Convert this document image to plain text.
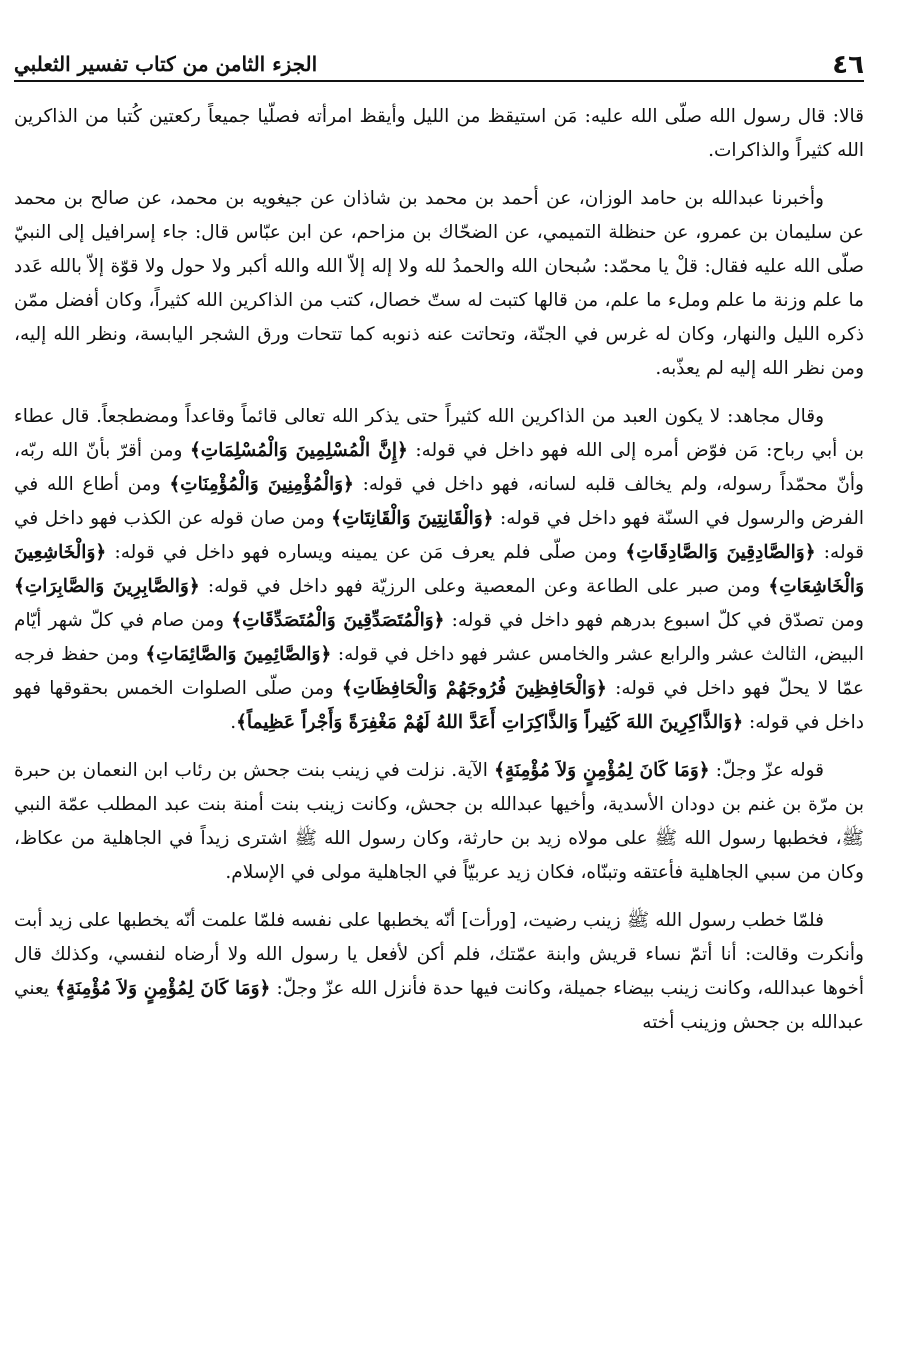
٤٦
الجزء الثامن من كتاب تفسير الثعلبي

قالا: قال رسول الله صلّى الله عليه: مَن استيقظ من الليل وأيقظ امرأته فصلّيا جميعاً ركعتين كُتبا من الذاكرين الله كثيراً والذاكرات.

وأخبرنا عبدالله بن حامد الوزان، عن أحمد بن محمد بن شاذان عن جيغويه بن محمد، عن صالح بن محمد عن سليمان بن عمرو، عن حنظلة التميمي، عن الضحّاك بن مزاحم، عن ابن عبّاس قال: جاء إسرافيل إلى النبيّ صلّى الله عليه فقال: قلْ يا محمّد: سُبحان الله والحمدُ لله ولا إله إلاّ الله والله أكبر ولا حول ولا قوّة إلاّ بالله عَدد ما علم وزنة ما علم وملء ما علم، من قالها كتبت له ستّ خصال، كتب من الذاكرين الله كثيراً، وكان أفضل ممّن ذكره الليل والنهار، وكان له غرس في الجنّة، وتحاتت عنه ذنوبه كما تتحات ورق الشجر اليابسة، ونظر الله إليه، ومن نظر الله إليه لم يعذّبه.

وقال مجاهد: لا يكون العبد من الذاكرين الله كثيراً حتى يذكر الله تعالى قائماً وقاعداً ومضطجعاً. قال عطاء بن أبي رباح: مَن فوّض أمره إلى الله فهو داخل في قوله: ﴿إِنَّ الْمُسْلِمِينَ وَالْمُسْلِمَاتِ﴾ ومن أقرّ بأنّ الله ربّه، وأنّ محمّداً رسوله، ولم يخالف قلبه لسانه، فهو داخل في قوله: ﴿وَالْمُؤْمِنِينَ وَالْمُؤْمِنَاتِ﴾ ومن أطاع الله في الفرض والرسول في السنّة فهو داخل في قوله: ﴿وَالْقَانِتِينَ وَالْقَانِتَاتِ﴾ ومن صان قوله عن الكذب فهو داخل في قوله: ﴿وَالصَّادِقِينَ وَالصَّادِقَاتِ﴾ ومن صلّى فلم يعرف مَن عن يمينه ويساره فهو داخل في قوله: ﴿وَالْخَاشِعِينَ وَالْخَاشِعَاتِ﴾ ومن صبر على الطاعة وعن المعصية وعلى الرزيّة فهو داخل في قوله: ﴿وَالصَّابِرِينَ وَالصَّابِرَاتِ﴾ ومن تصدّق في كلّ اسبوع بدرهم فهو داخل في قوله: ﴿وَالْمُتَصَدِّقِينَ وَالْمُتَصَدِّقَاتِ﴾ ومن صام في كلّ شهر أيّام البيض، الثالث عشر والرابع عشر والخامس عشر فهو داخل في قوله: ﴿وَالصَّائِمِينَ وَالصَّائِمَاتِ﴾ ومن حفظ فرجه عمّا لا يحلّ فهو داخل في قوله: ﴿وَالْحَافِظِينَ فُرُوجَهُمْ وَالْحَافِظَاتِ﴾ ومن صلّى الصلوات الخمس بحقوقها فهو داخل في قوله: ﴿وَالذَّاكِرِينَ اللهَ كَثِيراً وَالذَّاكِرَاتِ أَعَدَّ اللهُ لَهُمْ مَغْفِرَةً وَأَجْراً عَظِيماً﴾.

قوله عزّ وجلّ: ﴿وَمَا كَانَ لِمُؤْمِنٍ وَلاَ مُؤْمِنَةٍ﴾ الآية. نزلت في زينب بنت جحش بن رئاب ابن النعمان بن حبرة بن مرّة بن غنم بن دودان الأسدية، وأخيها عبدالله بن جحش، وكانت زينب بنت أمنة بنت عبد المطلب عمّة النبي ﷺ، فخطبها رسول الله ﷺ على مولاه زيد بن حارثة، وكان رسول الله ﷺ اشترى زيداً في الجاهلية من عكاظ، وكان من سبي الجاهلية فأعتقه وتبنّاه، فكان زيد عربيّاً في الجاهلية مولى في الإسلام.

فلمّا خطب رسول الله ﷺ زينب رضيت، [ورأت] أنّه يخطبها على نفسه فلمّا علمت أنّه يخطبها على زيد أبت وأنكرت وقالت: أنا أتمّ نساء قريش وابنة عمّتك، فلم أكن لأفعل يا رسول الله ولا أرضاه لنفسي، وكذلك قال أخوها عبدالله، وكانت زينب بيضاء جميلة، وكانت فيها حدة فأنزل الله عزّ وجلّ: ﴿وَمَا كَانَ لِمُؤْمِنٍ وَلاَ مُؤْمِنَةٍ﴾ يعني عبدالله بن جحش وزينب أخته
